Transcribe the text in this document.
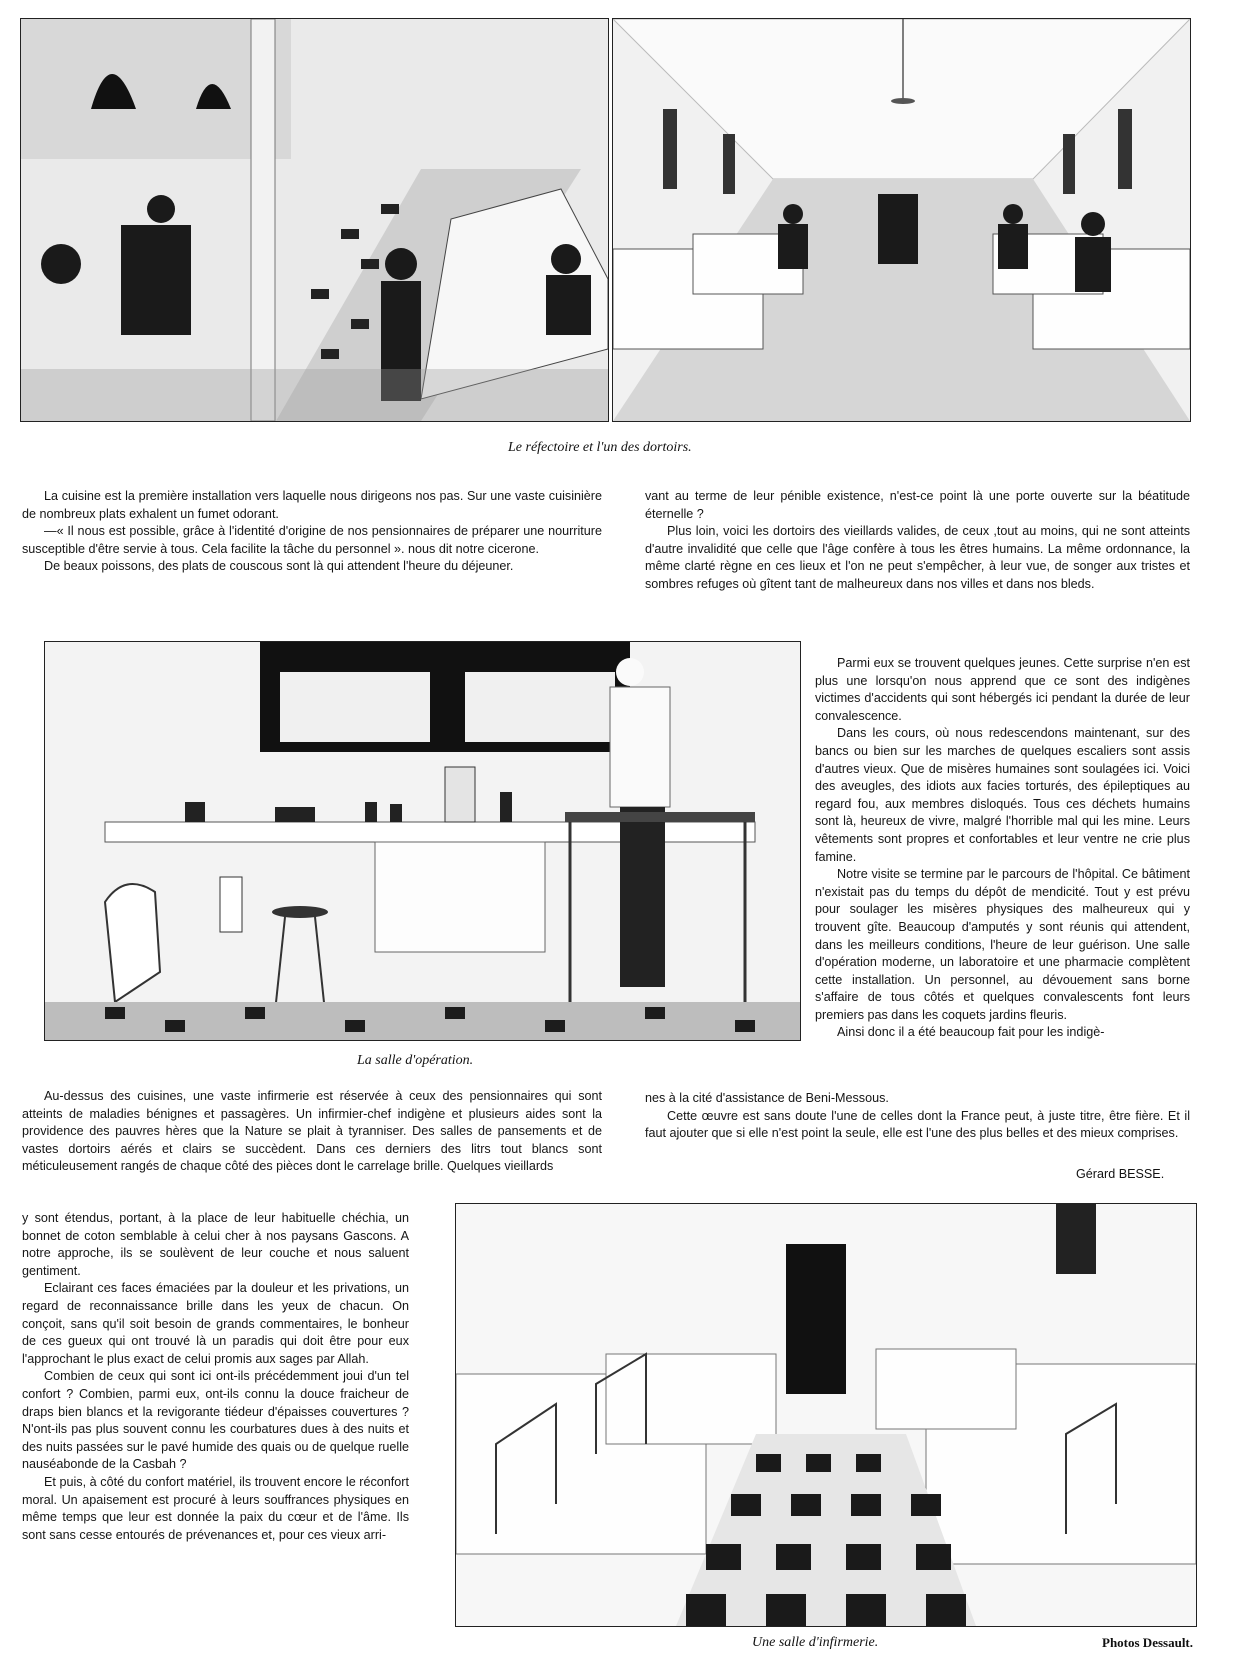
Le réfectoire et l'un des dortoirs.

La cuisine est la première installation vers laquelle nous dirigeons nos pas. Sur une vaste cuisinière de nombreux plats exhalent un fumet odorant.

—« Il nous est possible, grâce à l'identité d'origine de nos pensionnaires de préparer une nourriture susceptible d'être servie à tous. Cela facilite la tâche du personnel ». nous dit notre cicerone.

De beaux poissons, des plats de couscous sont là qui attendent l'heure du déjeuner.

vant au terme de leur pénible existence, n'est-ce point là une porte ouverte sur la béatitude éternelle ?

Plus loin, voici les dortoirs des vieillards valides, de ceux ,tout au moins, qui ne sont atteints d'autre invalidité que celle que l'âge confère à tous les êtres humains. La même ordonnance, la même clarté règne en ces lieux et l'on ne peut s'empêcher, à leur vue, de songer aux tristes et sombres refuges où gîtent tant de malheureux dans nos villes et dans nos bleds.

La salle d'opération.

Parmi eux se trouvent quelques jeunes. Cette surprise n'en est plus une lorsqu'on nous apprend que ce sont des indigènes victimes d'accidents qui sont hébergés ici pendant la durée de leur convalescence.

Dans les cours, où nous redescendons maintenant, sur des bancs ou bien sur les marches de quelques escaliers sont assis d'autres vieux. Que de misères humaines sont soulagées ici. Voici des aveugles, des idiots aux facies torturés, des épileptiques au regard fou, aux membres disloqués. Tous ces déchets humains sont là, heureux de vivre, malgré l'horrible mal qui les mine. Leurs vêtements sont propres et confortables et leur ventre ne crie plus famine.

Notre visite se termine par le parcours de l'hôpital. Ce bâtiment n'existait pas du temps du dépôt de mendicité. Tout y est prévu pour soulager les misères physiques des malheureux qui y trouvent gîte. Beaucoup d'amputés y sont réunis qui attendent, dans les meilleurs conditions, l'heure de leur guérison. Une salle d'opération moderne, un laboratoire et une pharmacie complètent cette installation. Un personnel, au dévouement sans borne s'affaire de tous côtés et quelques convalescents font leurs premiers pas dans les coquets jardins fleuris.

Ainsi donc il a été beaucoup fait pour les indigè-

nes à la cité d'assistance de Beni-Messous.

Cette œuvre est sans doute l'une de celles dont la France peut, à juste titre, être fière. Et il faut ajouter que si elle n'est point la seule, elle est l'une des plus belles et des mieux comprises.

Gérard BESSE.

Au-dessus des cuisines, une vaste infirmerie est réservée à ceux des pensionnaires qui sont atteints de maladies bénignes et passagères. Un infirmier-chef indigène et plusieurs aides sont la providence des pauvres hères que la Nature se plait à tyranniser. Des salles de pansements et de vastes dortoirs aérés et clairs se succèdent. Dans ces derniers des litrs tout blancs sont méticuleusement rangés de chaque côté des pièces dont le carrelage brille. Quelques vieillards

y sont étendus, portant, à la place de leur habituelle chéchia, un bonnet de coton semblable à celui cher à nos paysans Gascons. A notre approche, ils se soulèvent de leur couche et nous saluent gentiment.

Eclairant ces faces émaciées par la douleur et les privations, un regard de reconnaissance brille dans les yeux de chacun. On conçoit, sans qu'il soit besoin de grands commentaires, le bonheur de ces gueux qui ont trouvé là un paradis qui doit être pour eux l'approchant le plus exact de celui promis aux sages par Allah.

Combien de ceux qui sont ici ont-ils précédemment joui d'un tel confort ? Combien, parmi eux, ont-ils connu la douce fraicheur de draps bien blancs et la revigorante tiédeur d'épaisses couvertures ? N'ont-ils pas plus souvent connu les courbatures dues à des nuits et des nuits passées sur le pavé humide des quais ou de quelque ruelle nauséabonde de la Casbah ?

Et puis, à côté du confort matériel, ils trouvent encore le réconfort moral. Un apaisement est procuré à leurs souffrances physiques en même temps que leur est donnée la paix du cœur et de l'âme. Ils sont sans cesse entourés de prévenances et, pour ces vieux arri-

Une salle d'infirmerie.	Photos Dessault.
